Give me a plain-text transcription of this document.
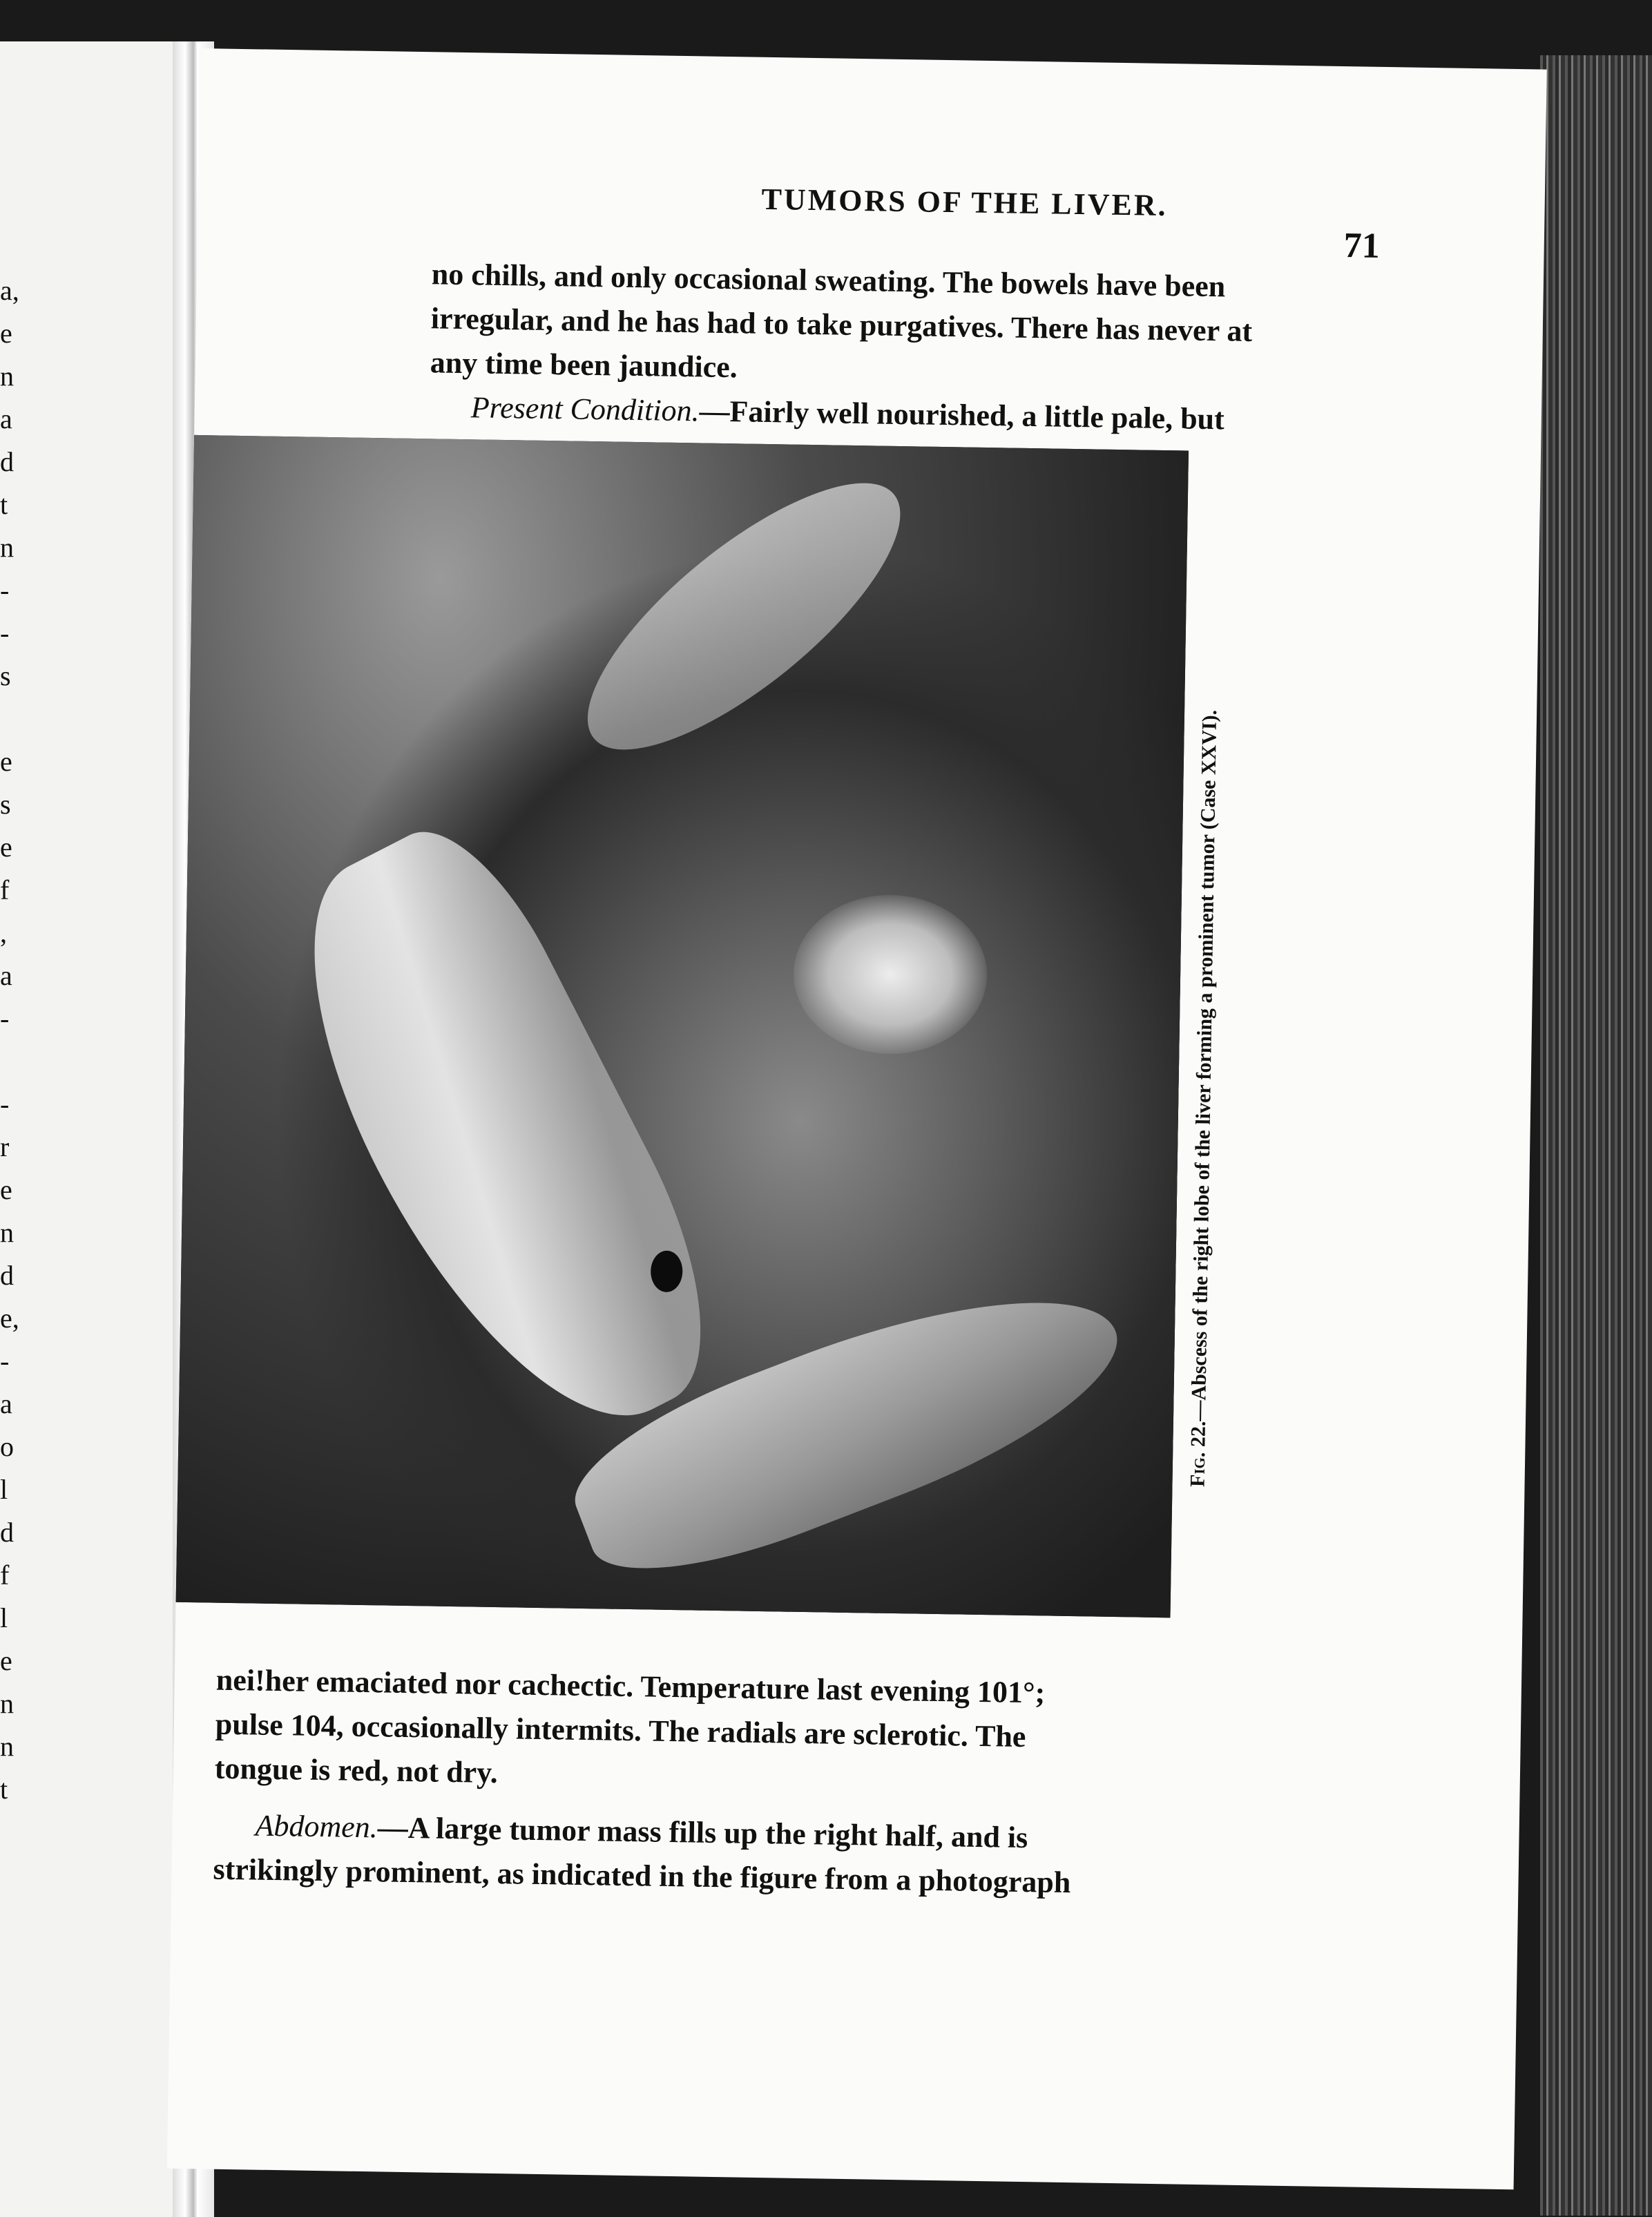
a,
e
n
a
d
t
n
-
-
s
e
s
e
f
,
a
-
-
r
e
n
d
e,
-
a
o
l
d
f
l
e
n
n
t
TUMORS OF THE LIVER.
71
no chills, and only occasional sweating. The bowels have been
irregular, and he has had to take purgatives. There has never at
any time been jaundice.
Present Condition.—Fairly well nourished, a little pale, but
Fig. 22.—Abscess of the right lobe of the liver forming a prominent tumor (Case XXVI).
nei!her emaciated nor cachectic. Temperature last evening 101°;
pulse 104, occasionally intermits. The radials are sclerotic. The
tongue is red, not dry.
Abdomen.—A large tumor mass fills up the right half, and is
strikingly prominent, as indicated in the figure from a photograph
